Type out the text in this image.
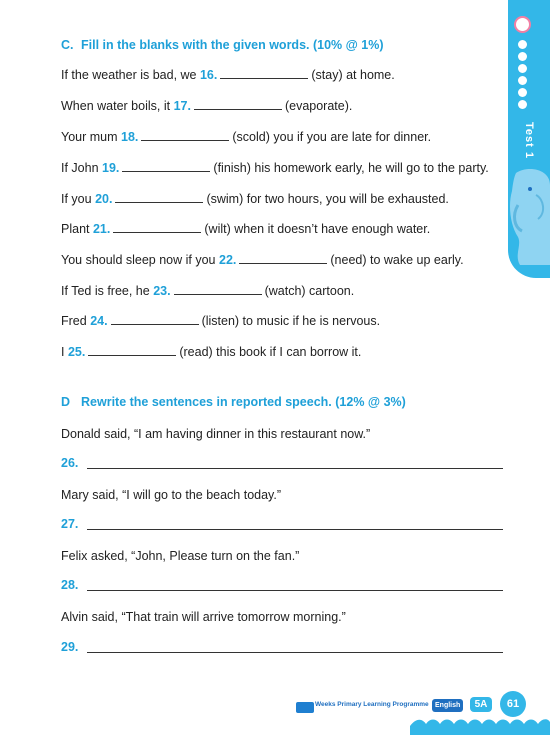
C. Fill in the blanks with the given words. (10% @ 1%)
If the weather is bad, we 16.	(stay) at home.
When water boils, it 17.	(evaporate).
Your mum 18.	(scold) you if you are late for dinner.
If John 19.	(finish) his homework early, he will go to the party.
If you 20.	(swim) for two hours, you will be exhausted.
Plant 21.	(wilt) when it doesn’t have enough water.
You should sleep now if you 22.	(need) to wake up early.
If Ted is free, he 23.	(watch) cartoon.
Fred 24.	(listen) to music if he is nervous.
I 25.	(read) this book if I can borrow it.
D Rewrite the sentences in reported speech. (12% @ 3%)
Donald said, “I am having dinner in this restaurant now.”
26.
Mary said, “I will go to the beach today.”
27.
Felix asked, “John, Please turn on the fan.”
28.
Alvin said, “That train will arrive tomorrow morning.”
29.
Test 1
Weeks Primary Learning Programme English	5A	61
